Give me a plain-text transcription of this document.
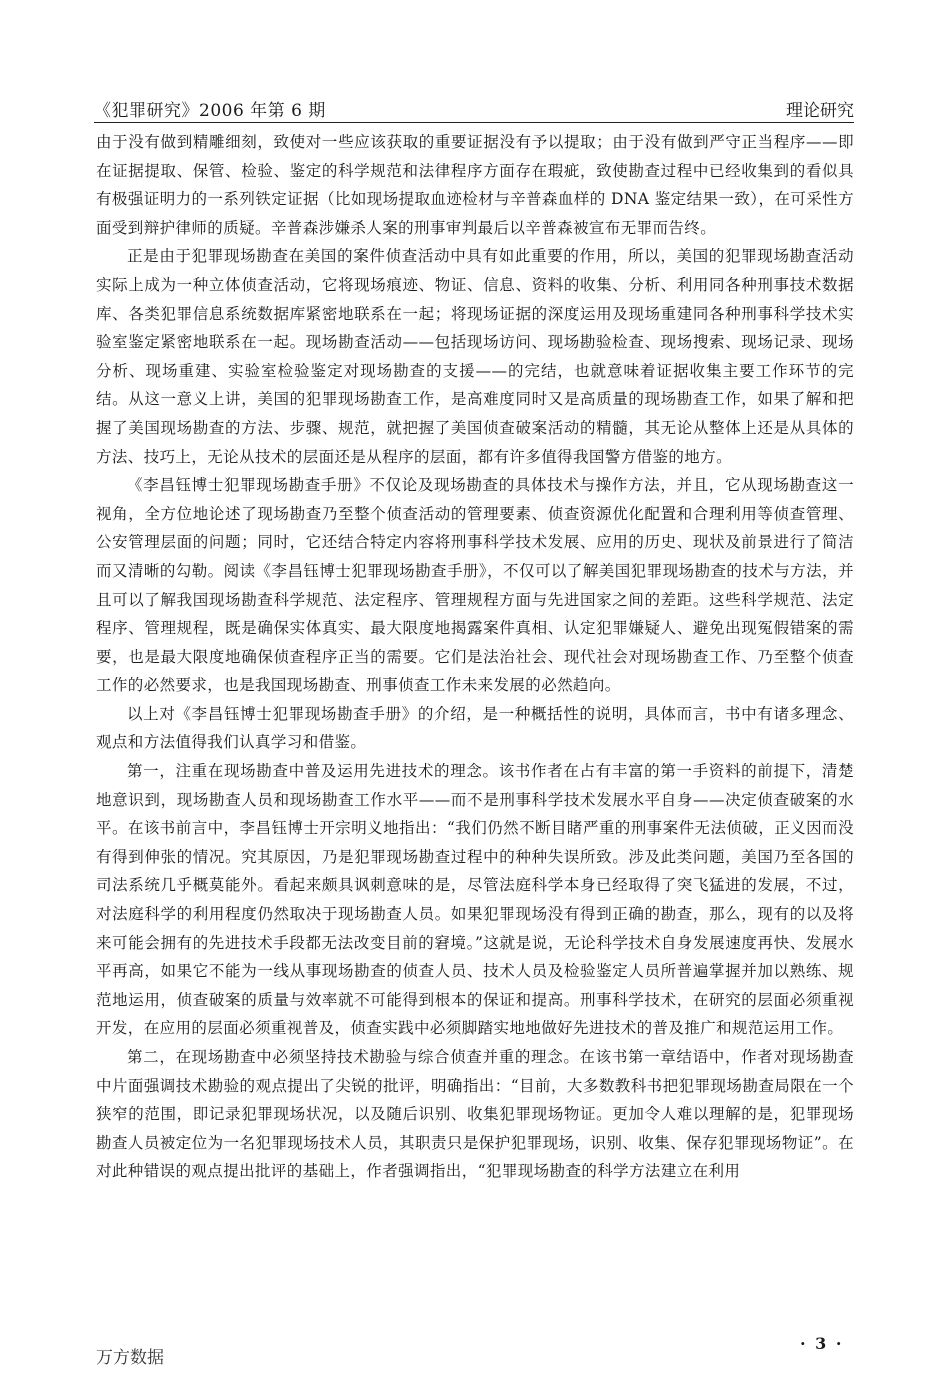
《犯罪研究》2006 年第 6 期	理论研究

由于没有做到精雕细刻，致使对一些应该获取的重要证据没有予以提取；由于没有做到严守正当程序——即在证据提取、保管、检验、鉴定的科学规范和法律程序方面存在瑕疵，致使勘查过程中已经收集到的看似具有极强证明力的一系列铁定证据（比如现场提取血迹检材与辛普森血样的 DNA 鉴定结果一致），在可采性方面受到辩护律师的质疑。辛普森涉嫌杀人案的刑事审判最后以辛普森被宣布无罪而告终。

正是由于犯罪现场勘查在美国的案件侦查活动中具有如此重要的作用，所以，美国的犯罪现场勘查活动实际上成为一种立体侦查活动，它将现场痕迹、物证、信息、资料的收集、分析、利用同各种刑事技术数据库、各类犯罪信息系统数据库紧密地联系在一起；将现场证据的深度运用及现场重建同各种刑事科学技术实验室鉴定紧密地联系在一起。现场勘查活动——包括现场访问、现场勘验检查、现场搜索、现场记录、现场分析、现场重建、实验室检验鉴定对现场勘查的支援——的完结，也就意味着证据收集主要工作环节的完结。从这一意义上讲，美国的犯罪现场勘查工作，是高难度同时又是高质量的现场勘查工作，如果了解和把握了美国现场勘查的方法、步骤、规范，就把握了美国侦查破案活动的精髓，其无论从整体上还是从具体的方法、技巧上，无论从技术的层面还是从程序的层面，都有许多值得我国警方借鉴的地方。

《李昌钰博士犯罪现场勘查手册》不仅论及现场勘查的具体技术与操作方法，并且，它从现场勘查这一视角，全方位地论述了现场勘查乃至整个侦查活动的管理要素、侦查资源优化配置和合理利用等侦查管理、公安管理层面的问题；同时，它还结合特定内容将刑事科学技术发展、应用的历史、现状及前景进行了简洁而又清晰的勾勒。阅读《李昌钰博士犯罪现场勘查手册》，不仅可以了解美国犯罪现场勘查的技术与方法，并且可以了解我国现场勘查科学规范、法定程序、管理规程方面与先进国家之间的差距。这些科学规范、法定程序、管理规程，既是确保实体真实、最大限度地揭露案件真相、认定犯罪嫌疑人、避免出现冤假错案的需要，也是最大限度地确保侦查程序正当的需要。它们是法治社会、现代社会对现场勘查工作、乃至整个侦查工作的必然要求，也是我国现场勘查、刑事侦查工作未来发展的必然趋向。

以上对《李昌钰博士犯罪现场勘查手册》的介绍，是一种概括性的说明，具体而言，书中有诸多理念、观点和方法值得我们认真学习和借鉴。

第一，注重在现场勘查中普及运用先进技术的理念。该书作者在占有丰富的第一手资料的前提下，清楚地意识到，现场勘查人员和现场勘查工作水平——而不是刑事科学技术发展水平自身——决定侦查破案的水平。在该书前言中，李昌钰博士开宗明义地指出：“我们仍然不断目睹严重的刑事案件无法侦破，正义因而没有得到伸张的情况。究其原因，乃是犯罪现场勘查过程中的种种失误所致。涉及此类问题，美国乃至各国的司法系统几乎概莫能外。看起来颇具讽刺意味的是，尽管法庭科学本身已经取得了突飞猛进的发展，不过，对法庭科学的利用程度仍然取决于现场勘查人员。如果犯罪现场没有得到正确的勘查，那么，现有的以及将来可能会拥有的先进技术手段都无法改变目前的窘境。”这就是说，无论科学技术自身发展速度再快、发展水平再高，如果它不能为一线从事现场勘查的侦查人员、技术人员及检验鉴定人员所普遍掌握并加以熟练、规范地运用，侦查破案的质量与效率就不可能得到根本的保证和提高。刑事科学技术，在研究的层面必须重视开发，在应用的层面必须重视普及，侦查实践中必须脚踏实地地做好先进技术的普及推广和规范运用工作。

第二，在现场勘查中必须坚持技术勘验与综合侦查并重的理念。在该书第一章结语中，作者对现场勘查中片面强调技术勘验的观点提出了尖锐的批评，明确指出：“目前，大多数教科书把犯罪现场勘查局限在一个狭窄的范围，即记录犯罪现场状况，以及随后识别、收集犯罪现场物证。更加令人难以理解的是，犯罪现场勘查人员被定位为一名犯罪现场技术人员，其职责只是保护犯罪现场，识别、收集、保存犯罪现场物证”。在对此种错误的观点提出批评的基础上，作者强调指出，“犯罪现场勘查的科学方法建立在利用

· 3 ·
万方数据
